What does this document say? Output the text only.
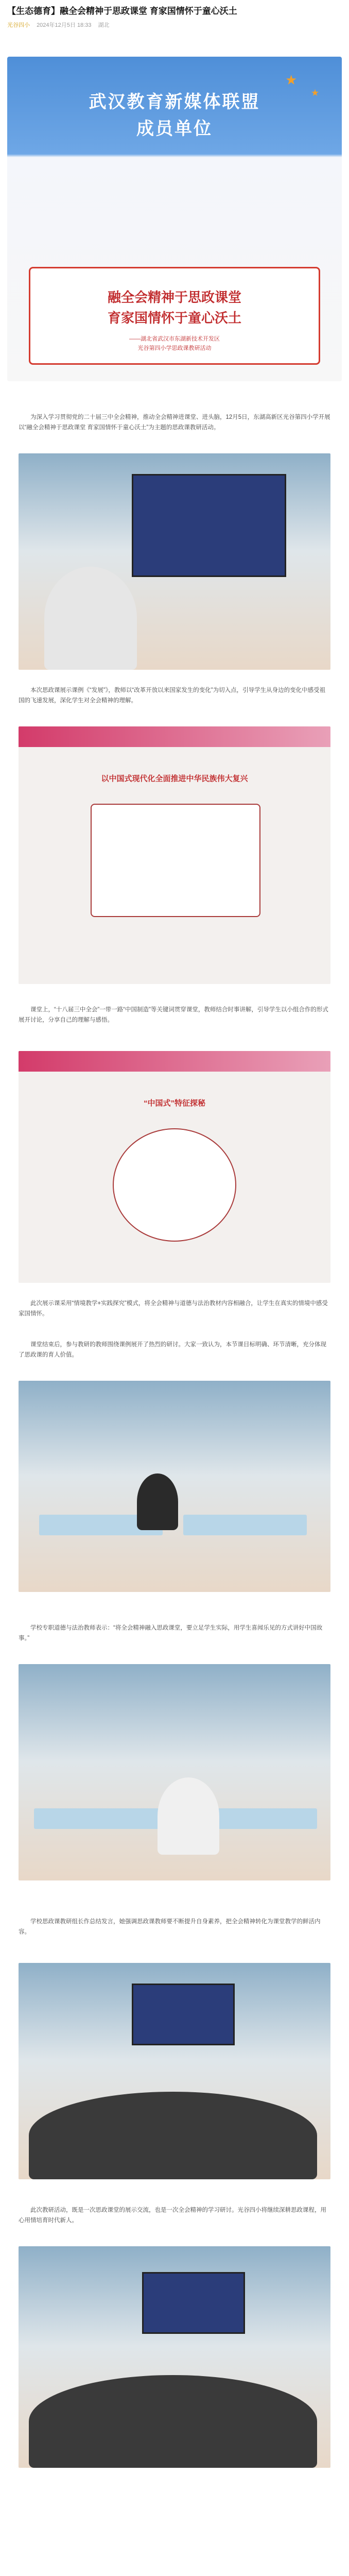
【生态德育】融全会精神于思政课堂 育家国情怀于童心沃土
光谷四小 2024年12月5日 18:33 湖北
★
★
武汉教育新媒体联盟
成员单位
融全会精神于思政课堂
育家国情怀于童心沃土
——湖北省武汉市东湖新技术开发区
光谷第四小学思政课教研活动

为深入学习贯彻党的二十届三中全会精神，推动全会精神进课堂、进头脑，12月5日，东湖高新区光谷第四小学开展以“融全会精神于思政课堂 育家国情怀于童心沃土”为主题的思政课教研活动。

本次思政课展示课例《“发展”》，教师以“改革开放以来国家发生的变化”为切入点，引导学生从身边的变化中感受祖国的飞速发展，深化学生对全会精神的理解。

以中国式现代化全面推进中华民族伟大复兴

课堂上，“十八届三中全会”一带一路“中国制造”等关键词贯穿课堂，教师结合时事讲解，引导学生以小组合作的形式展开讨论，分享自己的理解与感悟。

“中国式”特征探秘

此次展示课采用“情境教学+实践探究”模式，将全会精神与道德与法治教材内容相融合，让学生在真实的情境中感受家国情怀。

课堂结束后，参与教研的教师围绕课例展开了热烈的研讨。大家一致认为，本节课目标明确、环节清晰，充分体现了思政课的育人价值。

学校专职道德与法治教师表示：“将全会精神融入思政课堂，要立足学生实际，用学生喜闻乐见的方式讲好中国故事。”

学校思政课教研组长作总结发言，她强调思政课教师要不断提升自身素养，把全会精神转化为课堂教学的鲜活内容。

此次教研活动，既是一次思政课堂的展示交流，也是一次全会精神的学习研讨。光谷四小将继续深耕思政课程，用心用情培育时代新人。
